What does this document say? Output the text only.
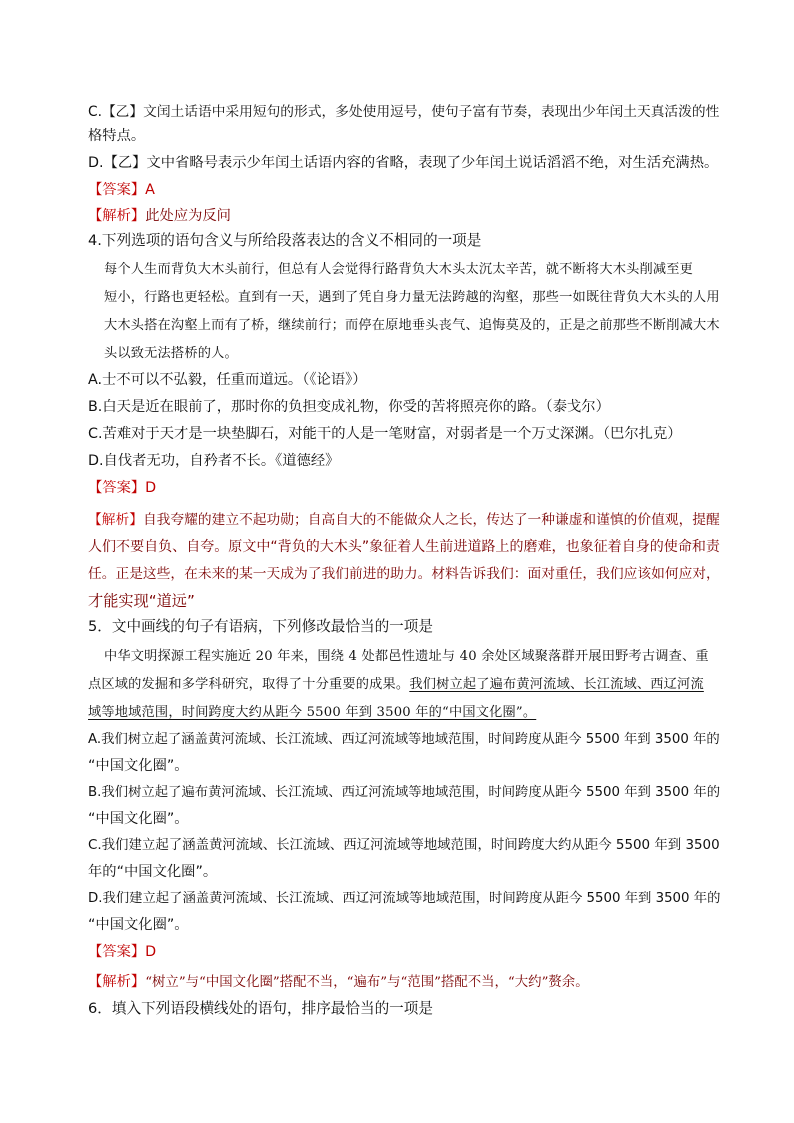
C.【乙】文闰土话语中采用短句的形式，多处使用逗号，使句子富有节奏，表现出少年闰土天真活泼的性
格特点。
D.【乙】文中省略号表示少年闰土话语内容的省略，表现了少年闰土说话滔滔不绝，对生活充满热。
【答案】A
【解析】此处应为反问
4.下列选项的语句含义与所给段落表达的含义不相同的一项是
每个人生而背负大木头前行，但总有人会觉得行路背负大木头太沉太辛苦，就不断将大木头削减至更
短小，行路也更轻松。直到有一天，遇到了凭自身力量无法跨越的沟壑，那些一如既往背负大木头的人用
大木头搭在沟壑上而有了桥，继续前行；而停在原地垂头丧气、追悔莫及的，正是之前那些不断削减大木
头以致无法搭桥的人。
A.士不可以不弘毅，任重而道远。（《论语》）
B.白天是近在眼前了，那时你的负担变成礼物，你受的苦将照亮你的路。（泰戈尔）
C.苦难对于天才是一块垫脚石，对能干的人是一笔财富，对弱者是一个万丈深渊。（巴尔扎克）
D.自伐者无功，自矜者不长。《道德经》
【答案】D
【解析】自我夸耀的建立不起功勋；自高自大的不能做众人之长，传达了一种谦虚和谨慎的价值观，提醒
人们不要自负、自夸。原文中“背负的大木头”象征着人生前进道路上的磨难，也象征着自身的使命和责
任。正是这些，在未来的某一天成为了我们前进的助力。材料告诉我们：面对重任，我们应该如何应对，
才能实现“道远”
5．文中画线的句子有语病，下列修改最恰当的一项是
中华文明探源工程实施近 20 年来，围绕 4 处都邑性遗址与 40 余处区域聚落群开展田野考古调查、重
点区域的发掘和多学科研究，取得了十分重要的成果。我们树立起了遍布黄河流域、长江流域、西辽河流
域等地域范围，时间跨度大约从距今 5500 年到 3500 年的“中国文化圈”。
A.我们树立起了涵盖黄河流域、长江流域、西辽河流域等地域范围，时间跨度从距今 5500 年到 3500 年的
“中国文化圈”。
B.我们树立起了遍布黄河流域、长江流域、西辽河流域等地域范围，时间跨度从距今 5500 年到 3500 年的
“中国文化圈”。
C.我们建立起了涵盖黄河流域、长江流域、西辽河流域等地域范围，时间跨度大约从距今 5500 年到 3500
年的“中国文化圈”。
D.我们建立起了涵盖黄河流域、长江流域、西辽河流域等地域范围，时间跨度从距今 5500 年到 3500 年的
“中国文化圈”。
【答案】D
【解析】“树立”与“中国文化圈”搭配不当，“遍布”与“范围”搭配不当，“大约”赘余。
6．填入下列语段横线处的语句，排序最恰当的一项是
